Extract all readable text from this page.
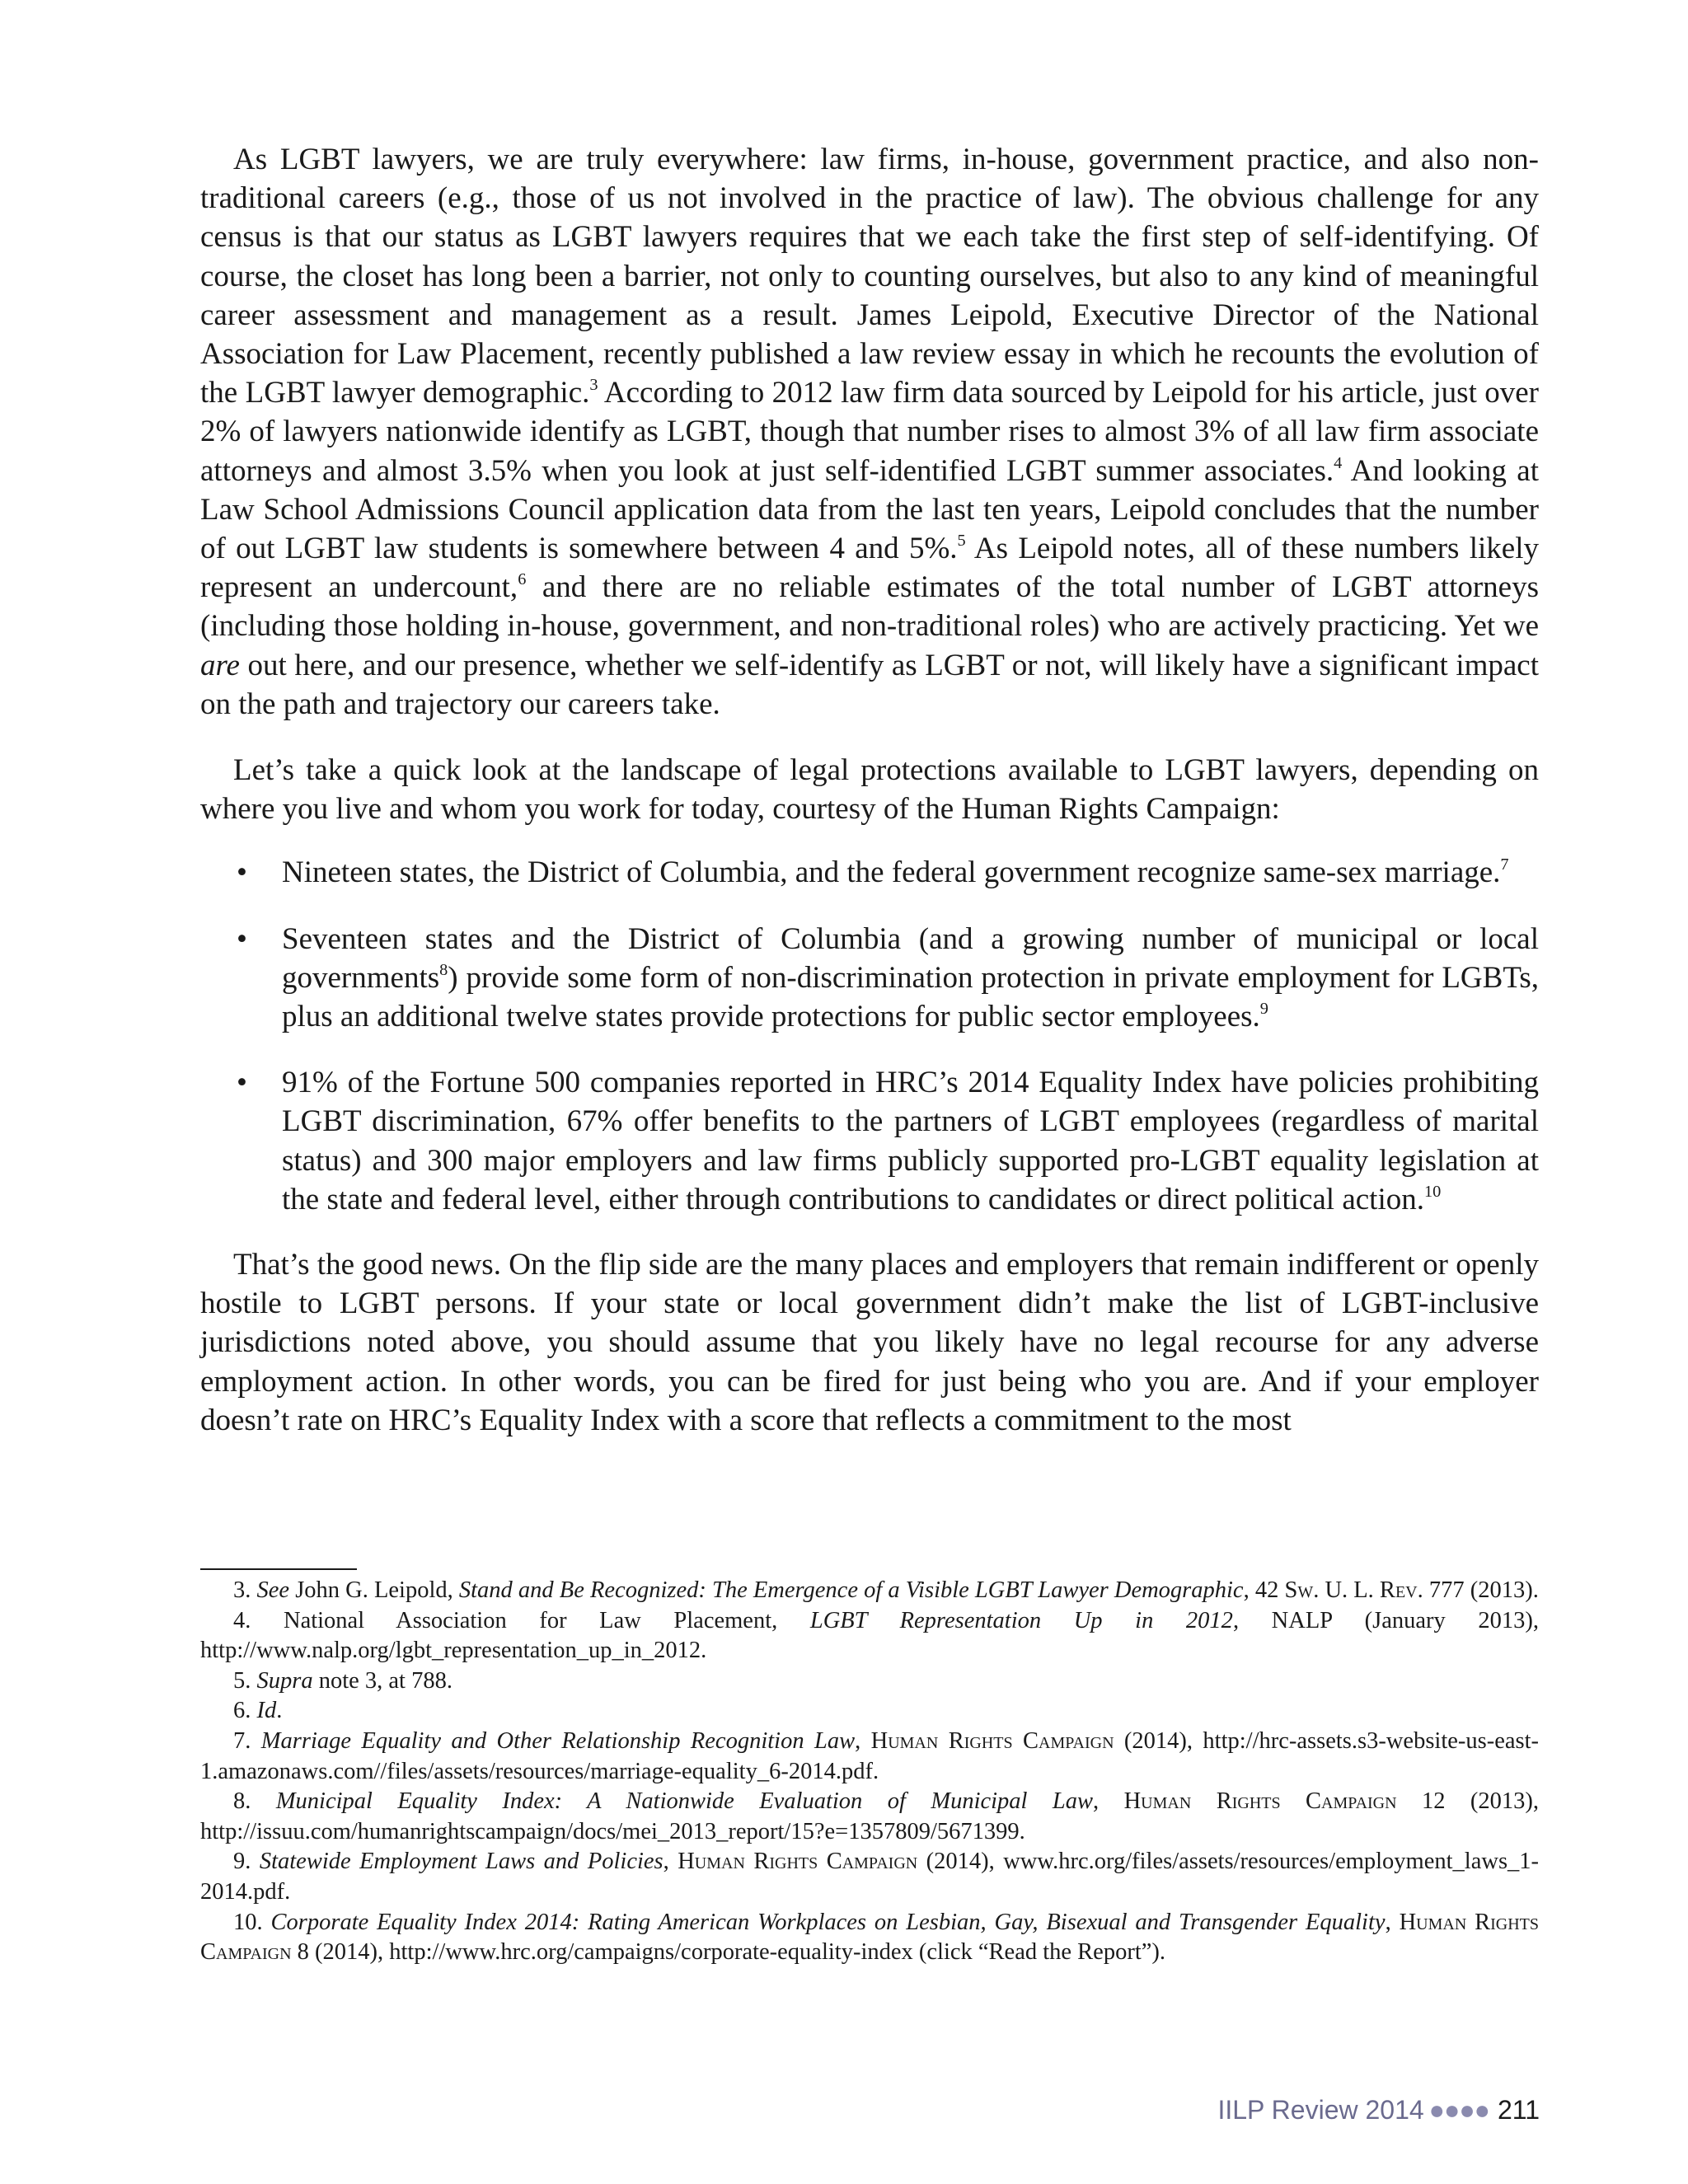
As LGBT lawyers, we are truly everywhere: law firms, in-house, government practice, and also non-traditional careers (e.g., those of us not involved in the practice of law). The obvious challenge for any census is that our status as LGBT lawyers requires that we each take the first step of self-identifying. Of course, the closet has long been a barrier, not only to counting ourselves, but also to any kind of meaningful career assessment and management as a result. James Leipold, Executive Director of the National Association for Law Placement, recently published a law review essay in which he recounts the evolution of the LGBT lawyer demographic.$^3$ According to 2012 law firm data sourced by Leipold for his article, just over 2% of lawyers nationwide identify as LGBT, though that number rises to almost 3% of all law firm associate attorneys and almost 3.5% when you look at just self-identified LGBT summer associates.$^4$ And looking at Law School Admissions Council application data from the last ten years, Leipold concludes that the number of out LGBT law students is somewhere between 4 and 5%.$^5$ As Leipold notes, all of these numbers likely represent an undercount,$^6$ and there are no reliable estimates of the total number of LGBT attorneys (including those holding in-house, government, and non-traditional roles) who are actively practicing. Yet we are out here, and our presence, whether we self-identify as LGBT or not, will likely have a significant impact on the path and trajectory our careers take.

Let’s take a quick look at the landscape of legal protections available to LGBT lawyers, depending on where you live and whom you work for today, courtesy of the Human Rights Campaign:

• Nineteen states, the District of Columbia, and the federal government recognize same-sex marriage.$^7$
• Seventeen states and the District of Columbia (and a growing number of municipal or local governments$^8$) provide some form of non-discrimination protection in private employment for LGBTs, plus an additional twelve states provide protections for public sector employees.$^9$
• 91% of the Fortune 500 companies reported in HRC’s 2014 Equality Index have policies prohibiting LGBT discrimination, 67% offer benefits to the partners of LGBT employees (regardless of marital status) and 300 major employers and law firms publicly supported pro-LGBT equality legislation at the state and federal level, either through contributions to candidates or direct political action.$^{10}$

That’s the good news. On the flip side are the many places and employers that remain indifferent or openly hostile to LGBT persons. If your state or local government didn’t make the list of LGBT-inclusive jurisdictions noted above, you should assume that you likely have no legal recourse for any adverse employment action. In other words, you can be fired for just being who you are. And if your employer doesn’t rate on HRC’s Equality Index with a score that reflects a commitment to the most

3. See John G. Leipold, Stand and Be Recognized: The Emergence of a Visible LGBT Lawyer Demographic, 42 Sw. U. L. Rev. 777 (2013).

4. National Association for Law Placement, LGBT Representation Up in 2012, NALP (January 2013), http://www.nalp.org/lgbt_representation_up_in_2012.

5. Supra note 3, at 788.

6. Id.

7. Marriage Equality and Other Relationship Recognition Law, Human Rights Campaign (2014), http://hrc-assets.s3-website-us-east-1.amazonaws.com//files/assets/resources/marriage-equality_6-2014.pdf.

8. Municipal Equality Index: A Nationwide Evaluation of Municipal Law, Human Rights Campaign 12 (2013), http://issuu.com/humanrightscampaign/docs/mei_2013_report/15?e=1357809/5671399.

9. Statewide Employment Laws and Policies, Human Rights Campaign (2014), www.hrc.org/files/assets/resources/employment_laws_1-2014.pdf.

10. Corporate Equality Index 2014: Rating American Workplaces on Lesbian, Gay, Bisexual and Transgender Equality, Human Rights Campaign 8 (2014), http://www.hrc.org/campaigns/corporate-equality-index (click “Read the Report”).

IILP Review 2014 ●●●● 211
